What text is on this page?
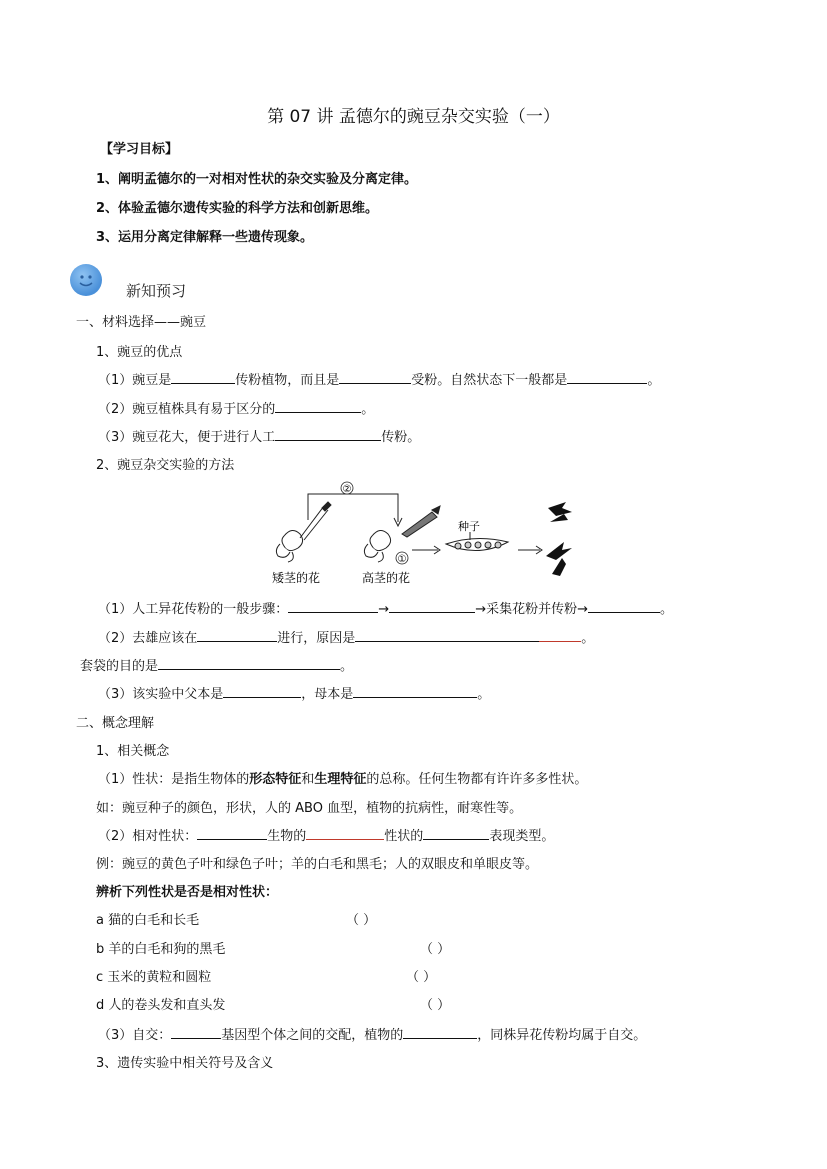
第 07 讲 孟德尔的豌豆杂交实验（一）
【学习目标】
1、阐明孟德尔的一对相对性状的杂交实验及分离定律。
2、体验孟德尔遗传实验的科学方法和创新思维。
3、运用分离定律解释一些遗传现象。
新知预习
一、材料选择——豌豆
1、豌豆的优点
（1）豌豆是	传粉植物，而且是	受粉。自然状态下一般都是	。
（2）豌豆植株具有易于区分的	。
（3）豌豆花大，便于进行人工	传粉。
2、豌豆杂交实验的方法
②
①
种子
矮茎的花	高茎的花
（1）人工异花传粉的一般步骤：	→	→采集花粉并传粉→	。
（2）去雄应该在	进行，原因是	。
套袋的目的是	。
（3）该实验中父本是	，母本是	。
二、概念理解
1、相关概念
（1）性状：是指生物体的形态特征和生理特征的总称。任何生物都有许许多多性状。
如：豌豆种子的颜色，形状，人的 ABO 血型，植物的抗病性，耐寒性等。
（2）相对性状：	生物的	性状的	表现类型。
例：豌豆的黄色子叶和绿色子叶；羊的白毛和黑毛；人的双眼皮和单眼皮等。
辨析下列性状是否是相对性状：
a 猫的白毛和长毛	（ ）
b 羊的白毛和狗的黑毛	（ ）
c 玉米的黄粒和圆粒	（ ）
d 人的卷头发和直头发	（ ）
（3）自交：	基因型个体之间的交配，植物的	，同株异花传粉均属于自交。
3、遗传实验中相关符号及含义
